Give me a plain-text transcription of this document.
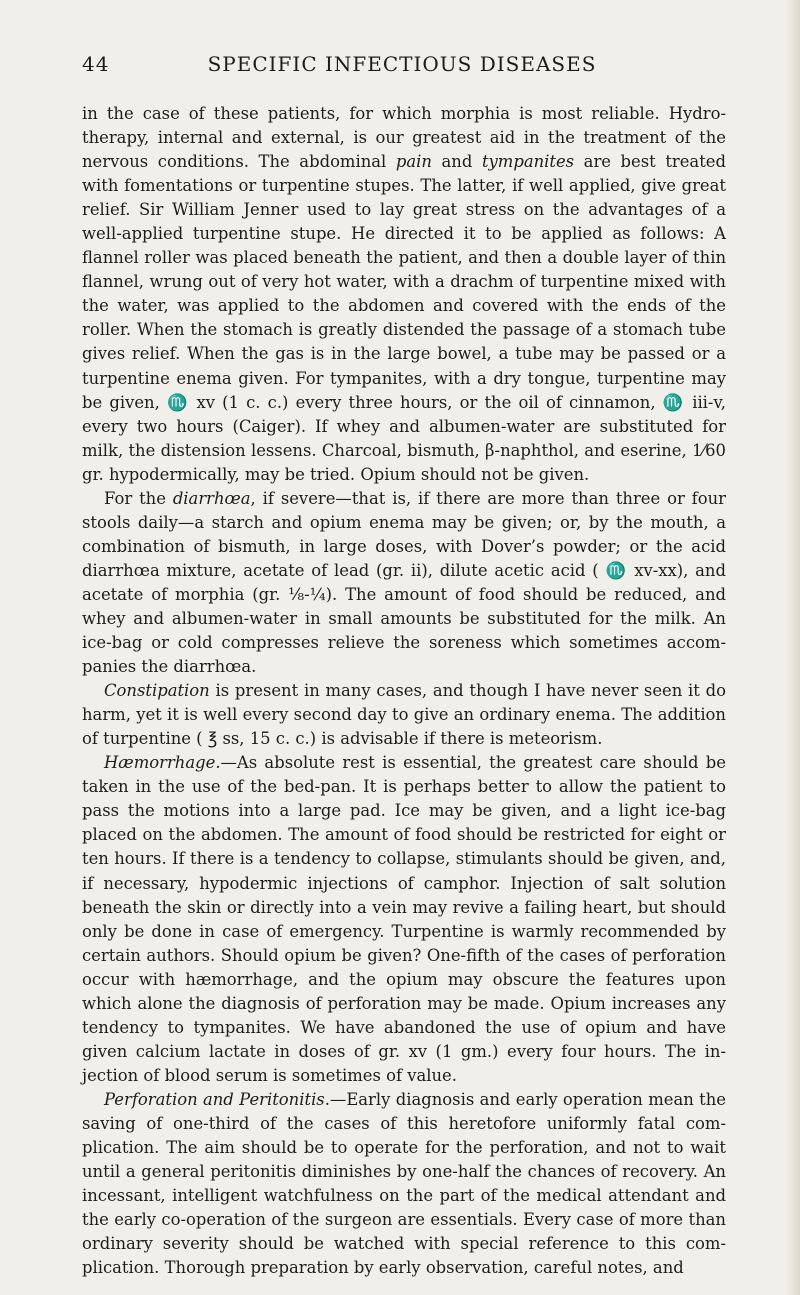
44	SPECIFIC INFECTIOUS DISEASES

in the case of these patients, for which morphia is most reliable. Hydrotherapy, internal and external, is our greatest aid in the treatment of the nervous conditions. The abdominal pain and tympanites are best treated with fomentations or turpentine stupes. The latter, if well applied, give great relief. Sir William Jenner used to lay great stress on the advantages of a well-applied turpentine stupe. He directed it to be applied as follows: A flannel roller was placed beneath the patient, and then a double layer of thin flannel, wrung out of very hot water, with a drachm of turpentine mixed with the water, was applied to the abdomen and covered with the ends of the roller. When the stomach is greatly distended the passage of a stomach tube gives relief. When the gas is in the large bowel, a tube may be passed or a turpentine enema given. For tympanites, with a dry tongue, turpentine may be given, ♏ xv (1 c. c.) every three hours, or the oil of cinnamon, ♏ iii-v, every two hours (Caiger). If whey and albumen-water are substituted for milk, the distension lessens. Charcoal, bismuth, β-naphthol, and eserine, 1⁄60 gr. hypodermically, may be tried. Opium should not be given.

For the diarrhœa, if severe—that is, if there are more than three or four stools daily—a starch and opium enema may be given; or, by the mouth, a combination of bismuth, in large doses, with Dover’s powder; or the acid diarrhœa mixture, acetate of lead (gr. ii), dilute acetic acid ( ♏ xv-xx), and acetate of morphia (gr. ⅛-¼). The amount of food should be reduced, and whey and albumen-water in small amounts be substituted for the milk. An ice-bag or cold compresses relieve the soreness which sometimes accompanies the diarrhœa.

Constipation is present in many cases, and though I have never seen it do harm, yet it is well every second day to give an ordinary enema. The addition of turpentine ( ℥ ss, 15 c. c.) is advisable if there is meteorism.

Hæmorrhage.—As absolute rest is essential, the greatest care should be taken in the use of the bed-pan. It is perhaps better to allow the patient to pass the motions into a large pad. Ice may be given, and a light ice-bag placed on the abdomen. The amount of food should be restricted for eight or ten hours. If there is a tendency to collapse, stimulants should be given, and, if necessary, hypodermic injections of camphor. Injection of salt solution beneath the skin or directly into a vein may revive a failing heart, but should only be done in case of emergency. Turpentine is warmly recommended by certain authors. Should opium be given? One-fifth of the cases of perforation occur with hæmorrhage, and the opium may obscure the features upon which alone the diagnosis of perforation may be made. Opium increases any tendency to tympanites. We have abandoned the use of opium and have given calcium lactate in doses of gr. xv (1 gm.) every four hours. The injection of blood serum is sometimes of value.

Perforation and Peritonitis.—Early diagnosis and early operation mean the saving of one-third of the cases of this heretofore uniformly fatal complication. The aim should be to operate for the perforation, and not to wait until a general peritonitis diminishes by one-half the chances of recovery. An incessant, intelligent watchfulness on the part of the medical attendant and the early co-operation of the surgeon are essentials. Every case of more than ordinary severity should be watched with special reference to this complication. Thorough preparation by early observation, careful notes, and
